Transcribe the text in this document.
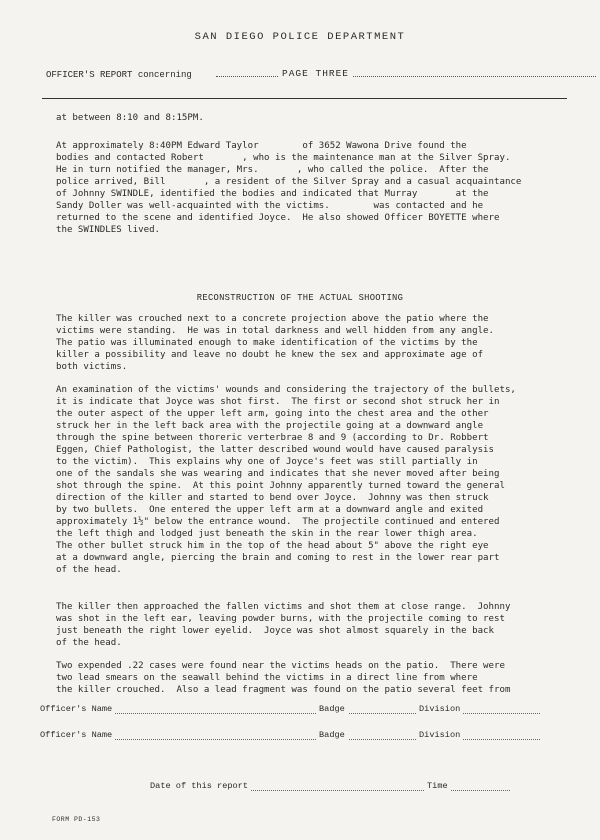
SAN DIEGO POLICE DEPARTMENT
OFFICER'S REPORT concerning	PAGE THREE
at between 8:10 and 8:15PM.
At approximately 8:40PM Edward Taylor        of 3652 Wawona Drive found the
bodies and contacted Robert       , who is the maintenance man at the Silver Spray.
He in turn notified the manager, Mrs.       , who called the police.  After the
police arrived, Bill       , a resident of the Silver Spray and a casual acquaintance
of Johnny SWINDLE, identified the bodies and indicated that Murray       at the
Sandy Doller was well-acquainted with the victims.        was contacted and he
returned to the scene and identified Joyce.  He also showed Officer BOYETTE where
the SWINDLES lived.
RECONSTRUCTION OF THE ACTUAL SHOOTING
The killer was crouched next to a concrete projection above the patio where the
victims were standing.  He was in total darkness and well hidden from any angle.
The patio was illuminated enough to make identification of the victims by the
killer a possibility and leave no doubt he knew the sex and approximate age of
both victims.
An examination of the victims' wounds and considering the trajectory of the bullets,
it is indicate that Joyce was shot first.  The first or second shot struck her in
the outer aspect of the upper left arm, going into the chest area and the other
struck her in the left back area with the projectile going at a downward angle
through the spine between thoreric verterbrae 8 and 9 (according to Dr. Robbert
Eggen, Chief Pathologist, the latter described wound would have caused paralysis
to the victim).  This explains why one of Joyce's feet was still partially in
one of the sandals she was wearing and indicates that she never moved after being
shot through the spine.  At this point Johnny apparently turned toward the general
direction of the killer and started to bend over Joyce.  Johnny was then struck
by two bullets.  One entered the upper left arm at a downward angle and exited
approximately 1½" below the entrance wound.  The projectile continued and entered
the left thigh and lodged just beneath the skin in the rear lower thigh area.
The other bullet struck him in the top of the head about 5" above the right eye
at a downward angle, piercing the brain and coming to rest in the lower rear part
of the head.
The killer then approached the fallen victims and shot them at close range.  Johnny
was shot in the left ear, leaving powder burns, with the projectile coming to rest
just beneath the right lower eyelid.  Joyce was shot almost squarely in the back
of the head.
Two expended .22 cases were found near the victims heads on the patio.  There were
two lead smears on the seawall behind the victims in a direct line from where
the killer crouched.  Also a lead fragment was found on the patio several feet from
Officer's Name	Badge	Division
Officer's Name	Badge	Division
Date of this report	Time
FORM PD-153
